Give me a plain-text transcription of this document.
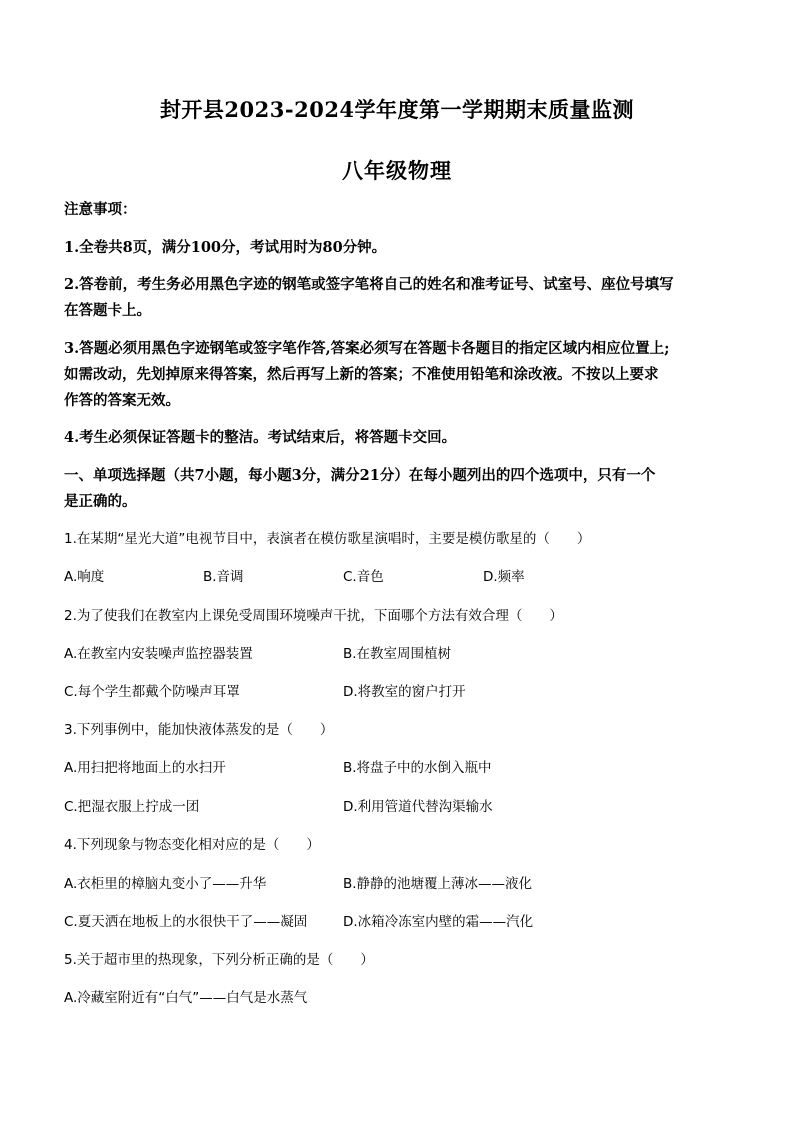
封开县2023-2024学年度第一学期期末质量监测
八年级物理
注意事项：
1.全卷共8页，满分100分，考试用时为80分钟。
2.答卷前，考生务必用黑色字迹的钢笔或签字笔将自己的姓名和准考证号、试室号、座位号填写
在答题卡上。
3.答题必须用黑色字迹钢笔或签字笔作答,答案必须写在答题卡各题目的指定区域内相应位置上;
如需改动，先划掉原来得答案，然后再写上新的答案；不准使用铅笔和涂改液。不按以上要求
作答的答案无效。
4.考生必须保证答题卡的整洁。考试结束后，将答题卡交回。
一、单项选择题（共7小题，每小题3分，满分21分）在每小题列出的四个选项中，只有一个
是正确的。
1.在某期“星光大道”电视节目中，表演者在模仿歌星演唱时，主要是模仿歌星的（　　）
A.响度	B.音调	C.音色	D.频率
2.为了使我们在教室内上课免受周围环境噪声干扰，下面哪个方法有效合理（　　）
A.在教室内安装噪声监控器装置	B.在教室周围植树
C.每个学生都戴个防噪声耳罩	D.将教室的窗户打开
3.下列事例中，能加快液体蒸发的是（　　）
A.用扫把将地面上的水扫开	B.将盘子中的水倒入瓶中
C.把湿衣服上拧成一团	D.利用管道代替沟渠输水
4.下列现象与物态变化相对应的是（　　）
A.衣柜里的樟脑丸变小了——升华	B.静静的池塘覆上薄冰——液化
C.夏天洒在地板上的水很快干了——凝固	D.冰箱冷冻室内壁的霜——汽化
5.关于超市里的热现象，下列分析正确的是（　　）
A.冷藏室附近有“白气”——白气是水蒸气
